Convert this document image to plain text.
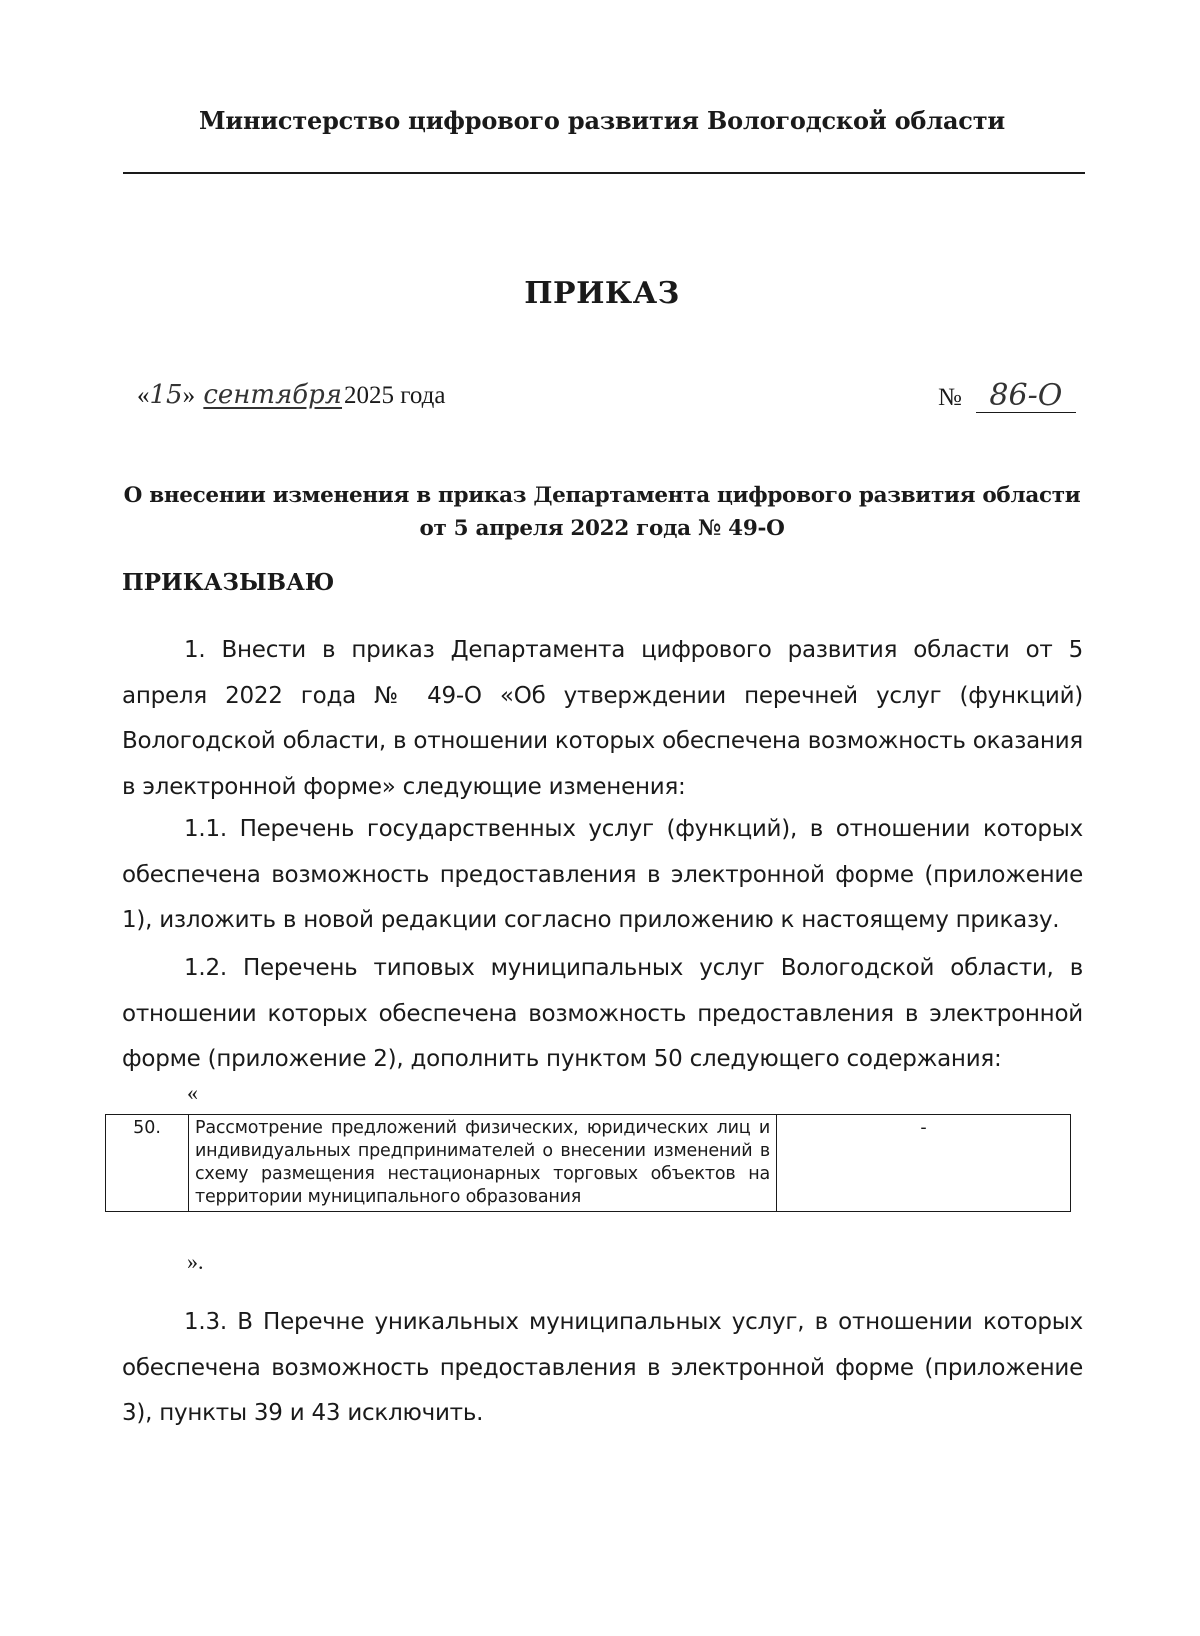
Министерство цифрового развития Вологодской области
ПРИКАЗ
«15» сентября2025 года	№ 86-О
О внесении изменения в приказ Департамента цифрового развития области
от 5 апреля 2022 года № 49-О
ПРИКАЗЫВАЮ

1. Внести в приказ Департамента цифрового развития области от 5 апреля 2022 года № 49-О «Об утверждении перечней услуг (функций) Вологодской области, в отношении которых обеспечена возможность оказания в электронной форме» следующие изменения:

1.1. Перечень государственных услуг (функций), в отношении которых обеспечена возможность предоставления в электронной форме (приложение 1), изложить в новой редакции согласно приложению к настоящему приказу.

1.2. Перечень типовых муниципальных услуг Вологодской области, в отношении которых обеспечена возможность предоставления в электронной форме (приложение 2), дополнить пунктом 50 следующего содержания:

«
50.	Рассмотрение предложений физических, юридических лиц и индивидуальных предпринимателей о внесении изменений в схему размещения нестационарных торговых объектов на территории муниципального образования	-
».

1.3. В Перечне уникальных муниципальных услуг, в отношении которых обеспечена возможность предоставления в электронной форме (приложение 3), пункты 39 и 43 исключить.
